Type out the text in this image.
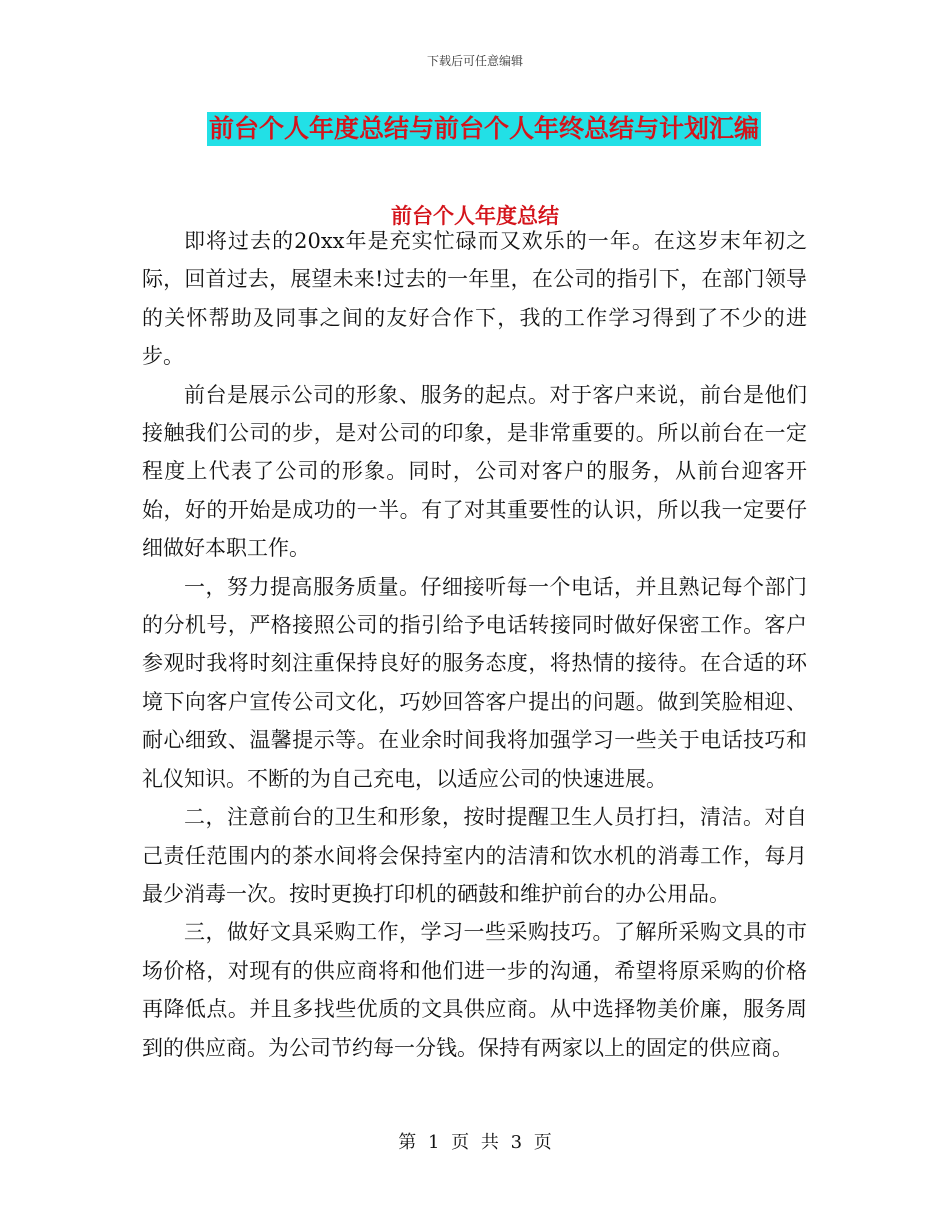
下载后可任意编辑
前台个人年度总结与前台个人年终总结与计划汇编
前台个人年度总结

即将过去的20xx年是充实忙碌而又欢乐的一年。在这岁末年初之际，回首过去，展望未来!过去的一年里，在公司的指引下，在部门领导的关怀帮助及同事之间的友好合作下，我的工作学习得到了不少的进步。

前台是展示公司的形象、服务的起点。对于客户来说，前台是他们接触我们公司的步，是对公司的印象，是非常重要的。所以前台在一定程度上代表了公司的形象。同时，公司对客户的服务，从前台迎客开始，好的开始是成功的一半。有了对其重要性的认识，所以我一定要仔细做好本职工作。

一，努力提高服务质量。仔细接听每一个电话，并且熟记每个部门的分机号，严格接照公司的指引给予电话转接同时做好保密工作。客户参观时我将时刻注重保持良好的服务态度，将热情的接待。在合适的环境下向客户宣传公司文化，巧妙回答客户提出的问题。做到笑脸相迎、耐心细致、温馨提示等。在业余时间我将加强学习一些关于电话技巧和礼仪知识。不断的为自己充电，以适应公司的快速进展。

二，注意前台的卫生和形象，按时提醒卫生人员打扫，清洁。对自己责任范围内的茶水间将会保持室内的洁清和饮水机的消毒工作，每月最少消毒一次。按时更换打印机的硒鼓和维护前台的办公用品。

三，做好文具采购工作，学习一些采购技巧。了解所采购文具的市场价格，对现有的供应商将和他们进一步的沟通，希望将原采购的价格再降低点。并且多找些优质的文具供应商。从中选择物美价廉，服务周到的供应商。为公司节约每一分钱。保持有两家以上的固定的供应商。

第 1 页 共 3 页
